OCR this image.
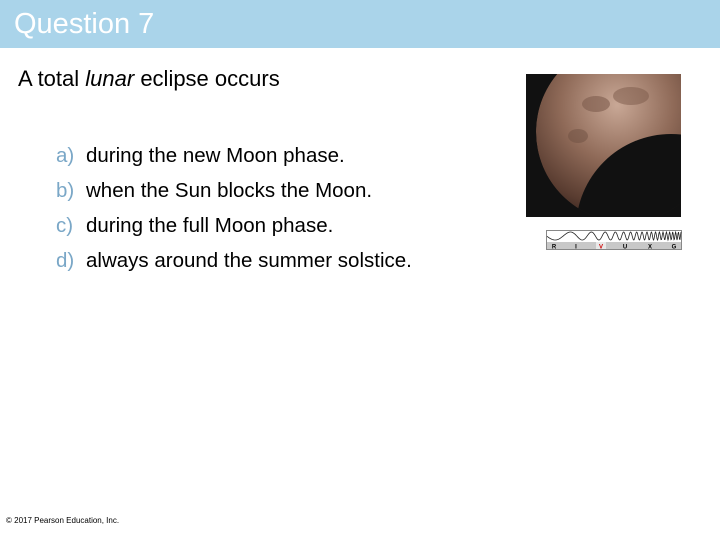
Question 7
A total lunar eclipse occurs
a) during the new Moon phase.
b) when the Sun blocks the Moon.
c) during the full Moon phase.
d) always around the summer solstice.
R	I	V	U	X	G
© 2017 Pearson Education, Inc.
